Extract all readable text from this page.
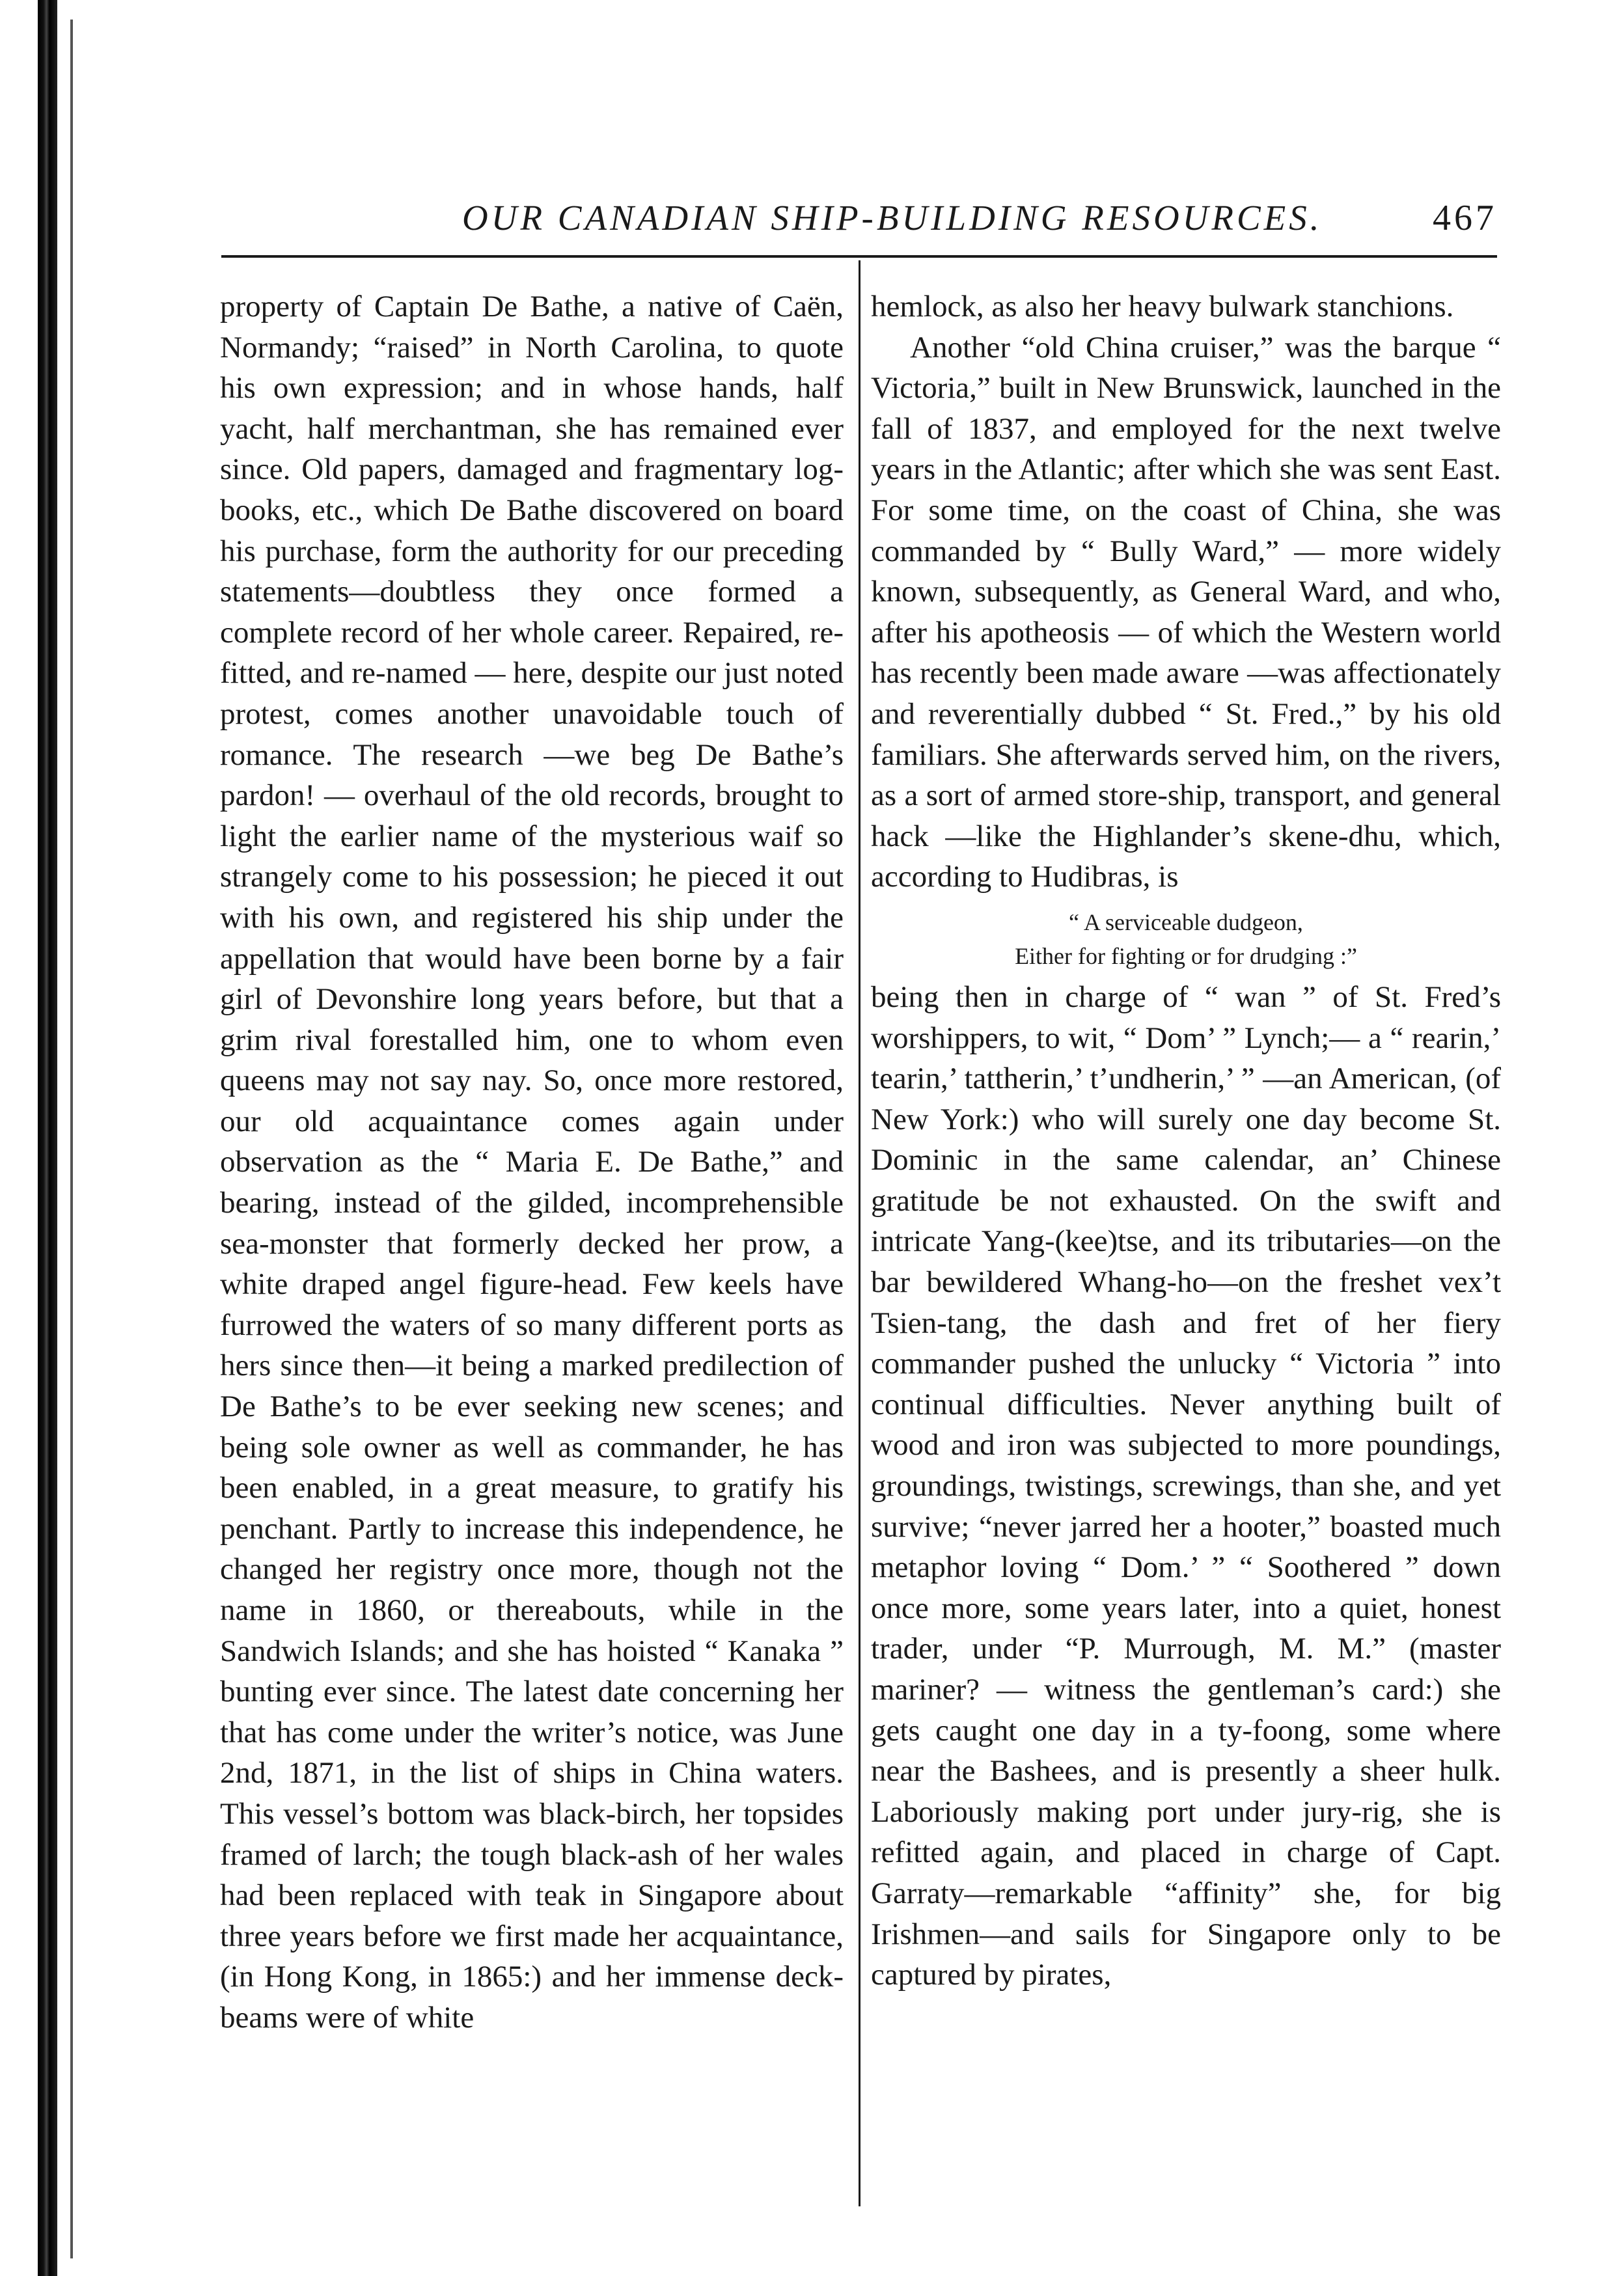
OUR CANADIAN SHIP-BUILDING RESOURCES.	467

property of Captain De Bathe, a native of Caën, Normandy; “raised” in North Carolina, to quote his own expression; and in whose hands, half yacht, half merchantman, she has remained ever since. Old papers, damaged and fragmentary log-books, etc., which De Bathe discovered on board his purchase, form the authority for our preceding statements—doubtless they once formed a complete record of her whole career. Repaired, re-fitted, and re-named — here, despite our just noted protest, comes another unavoidable touch of romance. The research —we beg De Bathe’s pardon! — overhaul of the old records, brought to light the earlier name of the mysterious waif so strangely come to his possession; he pieced it out with his own, and registered his ship under the appellation that would have been borne by a fair girl of Devonshire long years before, but that a grim rival forestalled him, one to whom even queens may not say nay. So, once more restored, our old acquaintance comes again under observation as the “ Maria E. De Bathe,” and bearing, instead of the gilded, incomprehensible sea-monster that formerly decked her prow, a white draped angel figure-head. Few keels have furrowed the waters of so many different ports as hers since then—it being a marked predilection of De Bathe’s to be ever seeking new scenes; and being sole owner as well as commander, he has been enabled, in a great measure, to gratify his penchant. Partly to increase this independence, he changed her registry once more, though not the name in 1860, or thereabouts, while in the Sandwich Islands; and she has hoisted “ Kanaka ” bunting ever since. The latest date concerning her that has come under the writer’s notice, was June 2nd, 1871, in the list of ships in China waters. This vessel’s bottom was black-birch, her topsides framed of larch; the tough black-ash of her wales had been replaced with teak in Singapore about three years before we first made her acquaintance, (in Hong Kong, in 1865:) and her immense deck-beams were of white

hemlock, as also her heavy bulwark stanchions.

Another “old China cruiser,” was the barque “ Victoria,” built in New Brunswick, launched in the fall of 1837, and employed for the next twelve years in the Atlantic; after which she was sent East. For some time, on the coast of China, she was commanded by “ Bully Ward,” — more widely known, subsequently, as General Ward, and who, after his apotheosis — of which the Western world has recently been made aware —was affectionately and reverentially dubbed “ St. Fred.,” by his old familiars. She afterwards served him, on the rivers, as a sort of armed store-ship, transport, and general hack —like the Highlander’s skene-dhu, which, according to Hudibras, is

“ A serviceable dudgeon,
Either for fighting or for drudging :”

being then in charge of “ wan ” of St. Fred’s worshippers, to wit, “ Dom’ ” Lynch;— a “ rearin,’ tearin,’ tattherin,’ t’undherin,’ ” —an American, (of New York:) who will surely one day become St. Dominic in the same calendar, an’ Chinese gratitude be not exhausted. On the swift and intricate Yang-(kee)tse, and its tributaries—on the bar bewildered Whang-ho—on the freshet vex’t Tsien-tang, the dash and fret of her fiery commander pushed the unlucky “ Victoria ” into continual difficulties. Never anything built of wood and iron was subjected to more poundings, groundings, twistings, screwings, than she, and yet survive; “never jarred her a hooter,” boasted much metaphor loving “ Dom.’ ” “ Soothered ” down once more, some years later, into a quiet, honest trader, under “P. Murrough, M. M.” (master mariner? — witness the gentleman’s card:) she gets caught one day in a ty-foong, some where near the Bashees, and is presently a sheer hulk. Laboriously making port under jury-rig, she is refitted again, and placed in charge of Capt. Garraty—remarkable “affinity” she, for big Irishmen—and sails for Singapore only to be captured by pirates,
